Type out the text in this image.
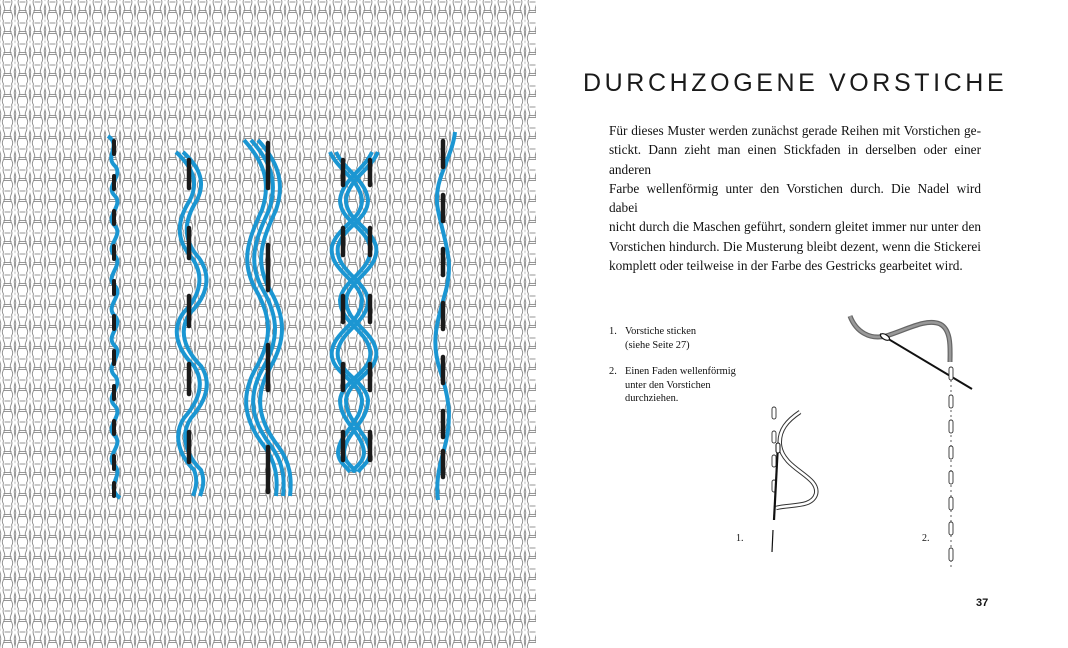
DURCHZOGENE VORSTICHE

Für dieses Muster werden zunächst gerade Reihen mit Vorstichen ge-
stickt. Dann zieht man einen Stickfaden in derselben oder einer anderen
Farbe wellenförmig unter den Vorstichen durch. Die Nadel wird dabei
nicht durch die Maschen geführt, sondern gleitet immer nur unter den
Vorstichen hindurch. Die Musterung bleibt dezent, wenn die Stickerei
komplett oder teilweise in der Farbe des Gestricks gearbeitet wird.

1. Vorstiche sticken
(siehe Seite 27)
2. Einen Faden wellenförmig
unter den Vorstichen
durchziehen.
1.	2.
37
